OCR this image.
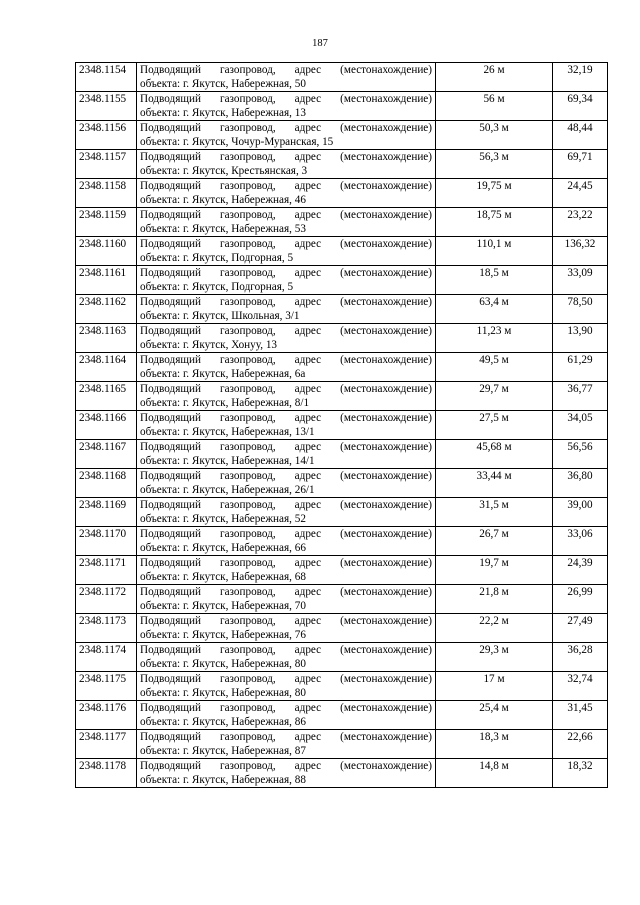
187
2348.1154	Подводящий газопровод, адрес (местонахождение)
объекта: г. Якутск, Набережная, 50	26 м	32,19
2348.1155	Подводящий газопровод, адрес (местонахождение)
объекта: г. Якутск, Набережная, 13	56 м	69,34
2348.1156	Подводящий газопровод, адрес (местонахождение)
объекта: г. Якутск, Чочур-Муранская, 15	50,3 м	48,44
2348.1157	Подводящий газопровод, адрес (местонахождение)
объекта: г. Якутск, Крестьянская, 3	56,3 м	69,71
2348.1158	Подводящий газопровод, адрес (местонахождение)
объекта: г. Якутск, Набережная, 46	19,75 м	24,45
2348.1159	Подводящий газопровод, адрес (местонахождение)
объекта: г. Якутск, Набережная, 53	18,75 м	23,22
2348.1160	Подводящий газопровод, адрес (местонахождение)
объекта: г. Якутск, Подгорная, 5	110,1 м	136,32
2348.1161	Подводящий газопровод, адрес (местонахождение)
объекта: г. Якутск, Подгорная, 5	18,5 м	33,09
2348.1162	Подводящий газопровод, адрес (местонахождение)
объекта: г. Якутск, Школьная, 3/1	63,4 м	78,50
2348.1163	Подводящий газопровод, адрес (местонахождение)
объекта: г. Якутск, Хонуу, 13	11,23 м	13,90
2348.1164	Подводящий газопровод, адрес (местонахождение)
объекта: г. Якутск, Набережная, 6а	49,5 м	61,29
2348.1165	Подводящий газопровод, адрес (местонахождение)
объекта: г. Якутск, Набережная, 8/1	29,7 м	36,77
2348.1166	Подводящий газопровод, адрес (местонахождение)
объекта: г. Якутск, Набережная, 13/1	27,5 м	34,05
2348.1167	Подводящий газопровод, адрес (местонахождение)
объекта: г. Якутск, Набережная, 14/1	45,68 м	56,56
2348.1168	Подводящий газопровод, адрес (местонахождение)
объекта: г. Якутск, Набережная, 26/1	33,44 м	36,80
2348.1169	Подводящий газопровод, адрес (местонахождение)
объекта: г. Якутск, Набережная, 52	31,5 м	39,00
2348.1170	Подводящий газопровод, адрес (местонахождение)
объекта: г. Якутск, Набережная, 66	26,7 м	33,06
2348.1171	Подводящий газопровод, адрес (местонахождение)
объекта: г. Якутск, Набережная, 68	19,7 м	24,39
2348.1172	Подводящий газопровод, адрес (местонахождение)
объекта: г. Якутск, Набережная, 70	21,8 м	26,99
2348.1173	Подводящий газопровод, адрес (местонахождение)
объекта: г. Якутск, Набережная, 76	22,2 м	27,49
2348.1174	Подводящий газопровод, адрес (местонахождение)
объекта: г. Якутск, Набережная, 80	29,3 м	36,28
2348.1175	Подводящий газопровод, адрес (местонахождение)
объекта: г. Якутск, Набережная, 80	17 м	32,74
2348.1176	Подводящий газопровод, адрес (местонахождение)
объекта: г. Якутск, Набережная, 86	25,4 м	31,45
2348.1177	Подводящий газопровод, адрес (местонахождение)
объекта: г. Якутск, Набережная, 87	18,3 м	22,66
2348.1178	Подводящий газопровод, адрес (местонахождение)
объекта: г. Якутск, Набережная, 88	14,8 м	18,32
